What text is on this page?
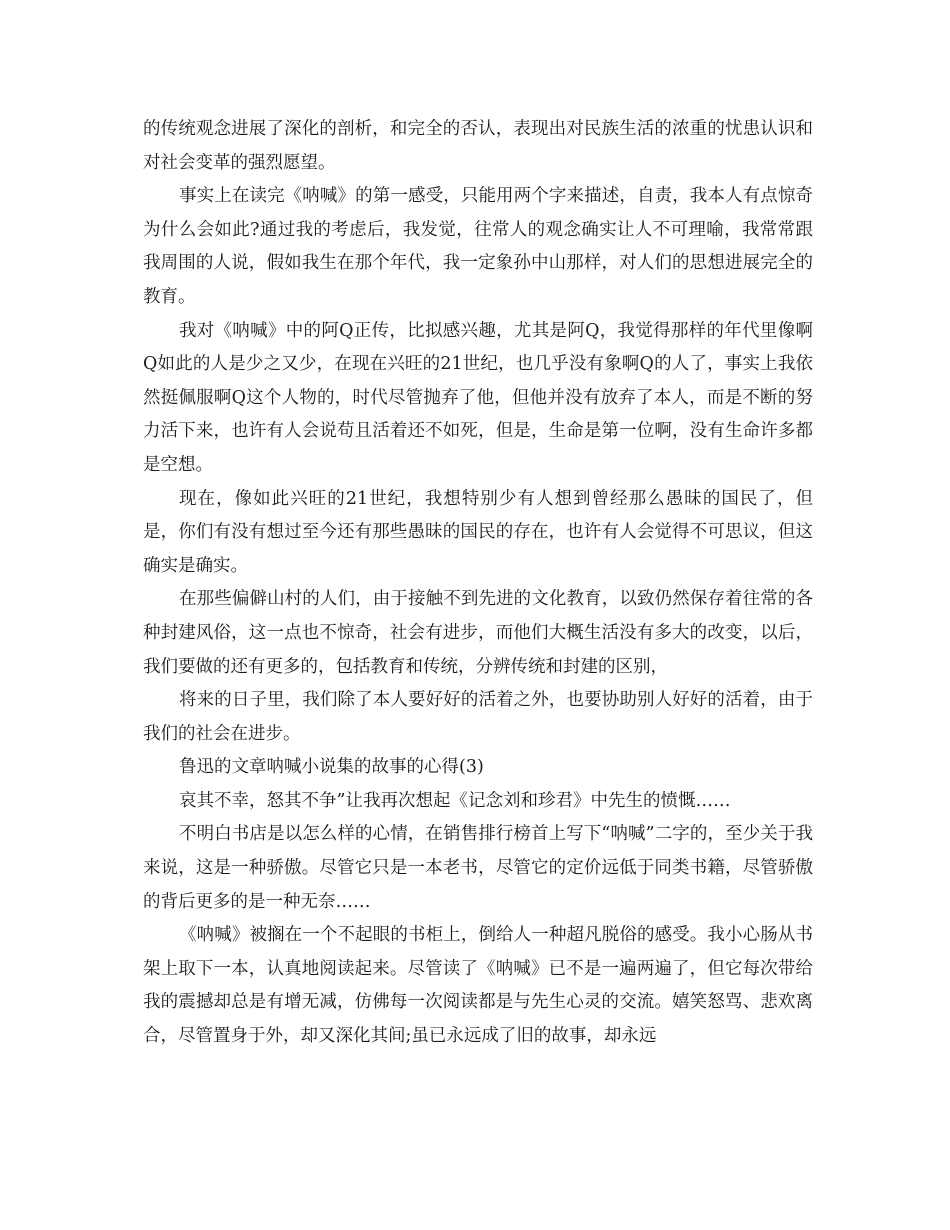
的传统观念进展了深化的剖析，和完全的否认，表现出对民族生活的浓重的忧患认识和对社会变革的强烈愿望。

事实上在读完《呐喊》的第一感受，只能用两个字来描述，自责，我本人有点惊奇为什么会如此?通过我的考虑后，我发觉，往常人的观念确实让人不可理喻，我常常跟我周围的人说，假如我生在那个年代，我一定象孙中山那样，对人们的思想进展完全的教育。

我对《呐喊》中的阿Q正传，比拟感兴趣，尤其是阿Q，我觉得那样的年代里像啊Q如此的人是少之又少，在现在兴旺的21世纪，也几乎没有象啊Q的人了，事实上我依然挺佩服啊Q这个人物的，时代尽管抛弃了他，但他并没有放弃了本人，而是不断的努力活下来，也许有人会说苟且活着还不如死，但是，生命是第一位啊，没有生命许多都是空想。

现在，像如此兴旺的21世纪，我想特别少有人想到曾经那么愚昧的国民了，但是，你们有没有想过至今还有那些愚昧的国民的存在，也许有人会觉得不可思议，但这确实是确实。

在那些偏僻山村的人们，由于接触不到先进的文化教育，以致仍然保存着往常的各种封建风俗，这一点也不惊奇，社会有进步，而他们大概生活没有多大的改变，以后，我们要做的还有更多的，包括教育和传统，分辨传统和封建的区别，

将来的日子里，我们除了本人要好好的活着之外，也要协助别人好好的活着，由于我们的社会在进步。

鲁迅的文章呐喊小说集的故事的心得(3)

哀其不幸，怒其不争”让我再次想起《记念刘和珍君》中先生的愤慨……

不明白书店是以怎么样的心情，在销售排行榜首上写下“呐喊”二字的，至少关于我来说，这是一种骄傲。尽管它只是一本老书，尽管它的定价远低于同类书籍，尽管骄傲的背后更多的是一种无奈……

《呐喊》被搁在一个不起眼的书柜上，倒给人一种超凡脱俗的感受。我小心肠从书架上取下一本，认真地阅读起来。尽管读了《呐喊》已不是一遍两遍了，但它每次带给我的震撼却总是有增无减，仿佛每一次阅读都是与先生心灵的交流。嬉笑怒骂、悲欢离合，尽管置身于外，却又深化其间;虽已永远成了旧的故事，却永远
